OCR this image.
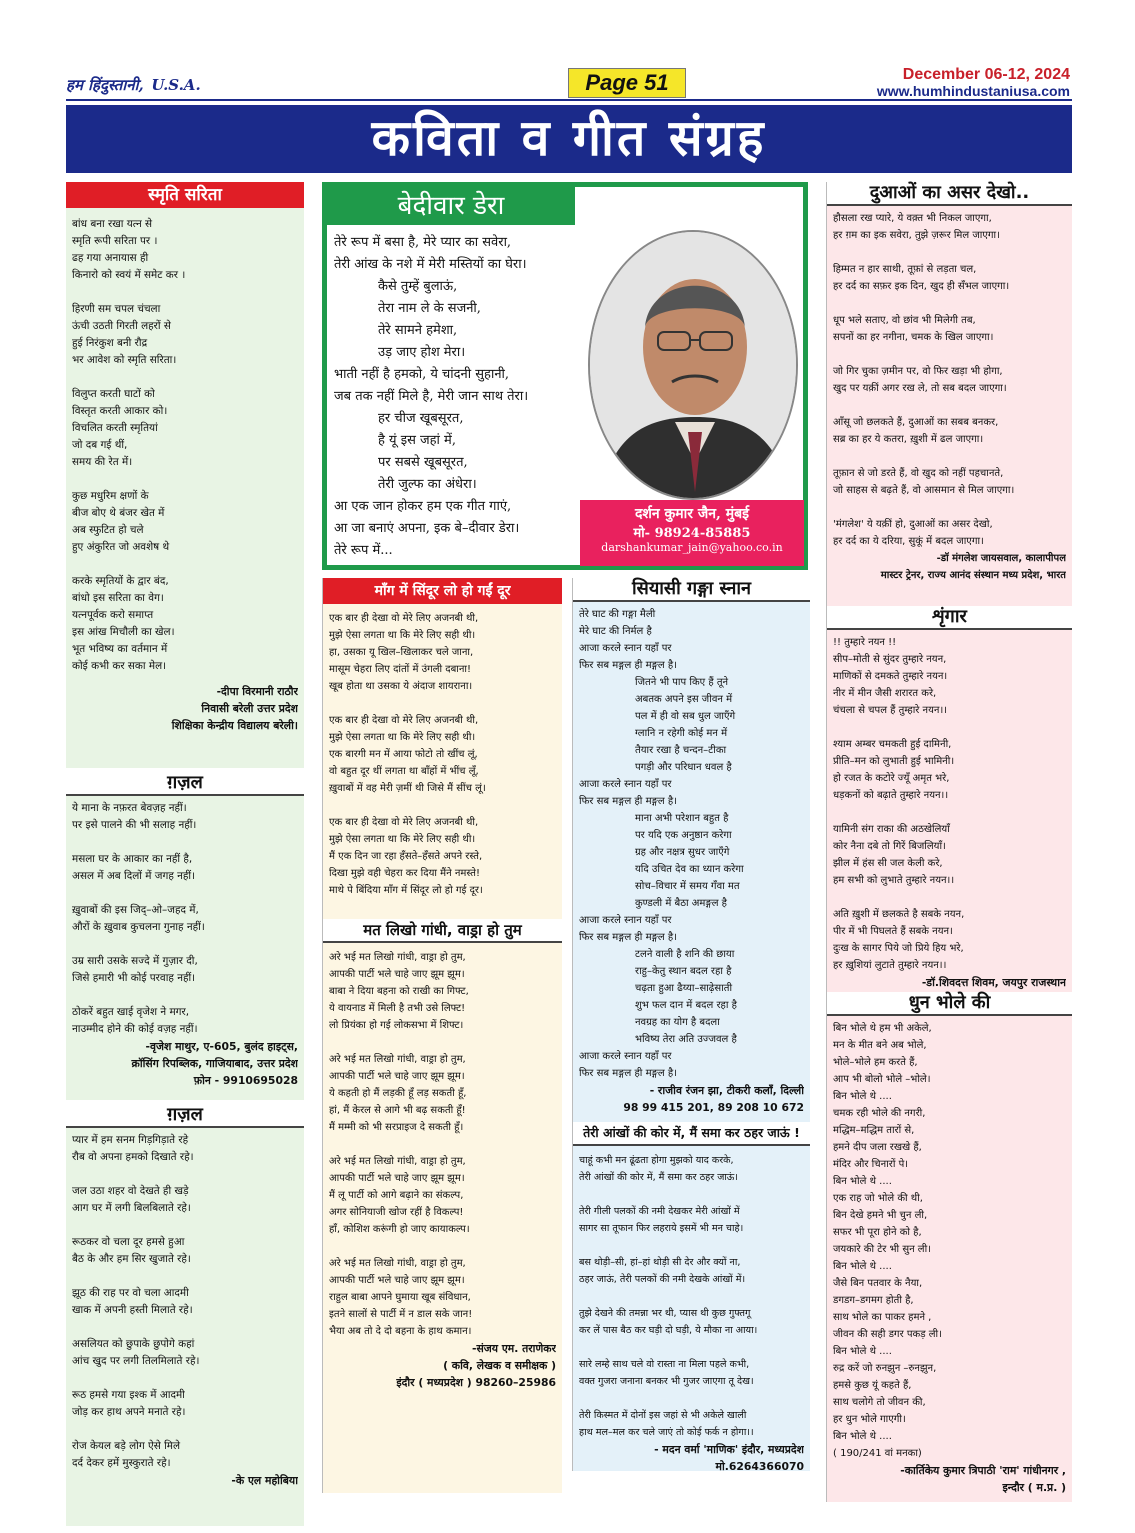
हम हिंदुस्तानी, U.S.A.	Page 51	December 06-12, 2024
www.humhindustaniusa.com
कविता व गीत संग्रह
स्मृति सरिता
बांध बना रखा यत्न से
स्मृति रूपी सरिता पर ।
ढह गया अनायास ही
किनारो को स्वयं में समेट कर ।

हिरणी सम चपल चंचला
ऊंची उठती गिरती लहरों से
हुई निरंकुश बनी रौद्र
भर आवेश को स्मृति सरिता।

विलुप्त करती घाटों को
विस्तृत करती आकार को।
विचलित करती स्मृतियां
जो दब गई थीं,
समय की रेत में।

कुछ मधुरिम क्षणों के
बीज बोए थे बंजर खेत में
अब स्फुटित हो चले
हुए अंकुरित जो अवशेष थे

करके स्मृतियों के द्वार बंद,
बांधो इस सरिता का वेग।
यत्नपूर्वक करो समाप्त
इस आंख मिचौली का खेल।
भूत भविष्य का वर्तमान में
कोई कभी कर सका मेल।
-दीपा विरमानी राठौर
निवासी बरेली उत्तर प्रदेश
शिक्षिका केन्द्रीय विद्यालय बरेली।
ग़ज़ल
ये माना के नफ़रत बेवज़ह नहीं।
पर इसे पालने की भी सलाह नहीं।

मसला घर के आकार का नहीं है,
असल में अब दिलों में जगह नहीं।

ख़ुवाबों की इस जिद्–ओ–जहद में,
औरों के ख़ुवाब कुचलना गुनाह नहीं।

उम्र सारी उसके सज्दे में गुज़ार दी,
जिसे हमारी भी कोई परवाह नहीं।

ठोकरें बहुत खाई वृजेश ने मगर,
नाउम्मीद होने की कोई वज़ह नहीं।
-वृजेश माथुर, ए-605, बुलंद हाइट्स,
क्रॉसिंग रिपब्लिक, गाजियाबाद, उत्तर प्रदेश
फ़ोन - 9910695028
ग़ज़ल
प्यार में हम सनम गिड़गिड़ाते रहे
रौब वो अपना हमको दिखाते रहे।

जल उठा शहर वो देखते ही खड़े
आग घर में लगी बिलबिलाते रहे।

रूठकर वो चला दूर हमसे हुआ
बैठ के और हम सिर खुजाते रहे।

झूठ की राह पर वो चला आदमी
खाक में अपनी हस्ती मिलाते रहे।

असलियत को छुपाके छुपोगे कहां
आंच खुद पर लगी तिलमिलाते रहे।

रूठ हमसे गया इश्क में आदमी
जोड़ कर हाथ अपने मनाते रहे।

रोज केयल बड़े लोग ऐसे मिले
दर्द देकर हमें मुस्कुराते रहे।
-के एल महोबिया
बेदीवार डेरा
तेरे रूप में बसा है, मेरे प्यार का सवेरा,
तेरी आंख के नशे में मेरी मस्तियों का घेरा।
कैसे तुम्हें बुलाऊं,
तेरा नाम ले के सजनी,
तेरे सामने हमेशा,
उड़ जाए होश मेरा।
भाती नहीं है हमको, ये चांदनी सुहानी,
जब तक नहीं मिले है, मेरी जान साथ तेरा।
हर चीज खूबसूरत,
है यूं इस जहां में,
पर सबसे खूबसूरत,
तेरी जुल्फ का अंधेरा।
आ एक जान होकर हम एक गीत गाएं,
आ जा बनाएं अपना, इक बे–दीवार डेरा।
तेरे रूप में...
दर्शन कुमार जैन, मुंबई
मो- 98924-85885
darshankumar_jain@yahoo.co.in
माँग में सिंदूर लो हो गईं दूर
एक बार ही देखा वो मेरे लिए अजनबी थी,
मुझे ऐसा लगता था कि मेरे लिए सही थी।
हा, उसका यू खिल–खिलाकर चले जाना,
मासूम चेहरा लिए दांतों में उंगली दबाना!
खूब होता था उसका ये अंदाज शायराना।

एक बार ही देखा वो मेरे लिए अजनबी थी,
मुझे ऐसा लगता था कि मेरे लिए सही थी।
एक बारगी मन में आया फोटो तो खींच लूं,
वो बहुत दूर थीं लगता था बाँहों में भींच लूँ,
ख़ुवाबों में वह मेरी ज़मीं थी जिसे मैं सींच लूं।

एक बार ही देखा वो मेरे लिए अजनबी थी,
मुझे ऐसा लगता था कि मेरे लिए सही थी।
मैं एक दिन जा रहा हँसते–हँसते अपने रस्ते,
दिखा मुझे वही चेहरा कर दिया मैंने नमस्ते!
माथे पे बिंदिया माँग में सिंदूर लो हो गई दूर।
मत लिखो गांधी, वाड्रा हो तुम
अरे भई मत लिखो गांधी, वाड्रा हो तुम,
आपकी पार्टी भले चाहे जाए झूम झूम।
बाबा ने दिया बहना को राखी का गिफ्ट,
ये वायनाड में मिली है तभी उसे लिफ्ट!
लो प्रियंका हो गई लोकसभा में शिफ्ट।

अरे भई मत लिखो गांधी, वाड्रा हो तुम,
आपकी पार्टी भले चाहे जाए झूम झूम।
ये कहती हो मैं लड़की हूँ लड़ सकती हूँ,
हां, मैं केरल से आगे भी बढ़ सकती हूँ!
मैं मम्मी को भी सरप्राइज दे सकती हूँ।

अरे भई मत लिखो गांधी, वाड्रा हो तुम,
आपकी पार्टी भले चाहे जाए झूम झूम।
मैं लू पार्टी को आगे बढ़ाने का संकल्प,
अगर सोनियाजी खोज रहीं है विकल्प!
हाँ, कोशिश करूंगी हो जाए कायाकल्प।

अरे भई मत लिखो गांधी, वाड्रा हो तुम,
आपकी पार्टी भले चाहे जाए झूम झूम।
राहुल बाबा आपने घुमाया खूब संविधान,
इतने सालों से पार्टी में न डाल सके जान!
भैया अब तो दे दो बहना के हाथ कमान।
-संजय एम. तराणेकर
( कवि, लेखक व समीक्षक )
इंदौर ( मध्यप्रदेश ) 98260–25986
सियासी गङ्गा स्नान
तेरे घाट की गङ्गा मैली
मेरे घाट की निर्मल है
आजा करले स्नान यहाँ पर
फिर सब मङ्गल ही मङ्गल है।
जितने भी पाप किए हैं तूने
अबतक अपने इस जीवन में
पल में ही वो सब धुल जाएँगे
ग्लानि न रहेगी कोई मन में
तैयार रखा है चन्दन–टीका
पगड़ी और परिधान धवल है
आजा करले स्नान यहाँ पर
फिर सब मङ्गल ही मङ्गल है।
माना अभी परेशान बहुत है
पर यदि एक अनुष्ठान करेगा
ग्रह और नक्षत्र सुधर जाएँगे
यदि उचित देव का ध्यान करेगा
सोच–विचार में समय गँवा मत
कुण्डली में बैठा अमङ्गल है
आजा करले स्नान यहाँ पर
फिर सब मङ्गल ही मङ्गल है।
टलने वाली है शनि की छाया
राहु–केतु स्थान बदल रहा है
चढ़ता हुआ ढैय्या–साढ़ेसाती
शुभ फल दान में बदल रहा है
नवग्रह का योग है बदला
भविष्य तेरा अति उज्जवल है
आजा करले स्नान यहाँ पर
फिर सब मङ्गल ही मङ्गल है।
- राजीव रंजन झा, टीकरी कलाँ, दिल्ली
98 99 415 201, 89 208 10 672
तेरी आंखों की कोर में, मैं समा कर ठहर जाऊं !
चाहूं कभी मन ढूंढता होगा मुझको याद करके,
तेरी आंखों की कोर में, मैं समा कर ठहर जाऊं।

तेरी गीली पलकों की नमी देखकर मेरी आंखों में
सागर सा तूफान फिर लहराये इसमें भी मन चाहे।

बस थोड़ी–सी, हां–हां थोड़ी सी देर और क्यों ना,
ठहर जाऊं, तेरी पलकों की नमी देखके आंखों में।

तुझे देखने की तमन्ना भर थी, प्यास थी कुछ गुफ्तगू
कर लें पास बैठ कर घड़ी दो घड़ी, ये मौका ना आया।

सारे लम्हे साथ चले वो रास्ता ना मिला पहले कभी,
वक्त गुजरा जनाना बनकर भी गुजर जाएगा तू देख।

तेरी किस्मत में दोनों इस जहां से भी अकेले खाली
हाथ मल–मल कर चले जाएं तो कोई फर्क न होगा।।
- मदन वर्मा 'माणिक' इंदौर, मध्यप्रदेश
मो.6264366070
दुआओं का असर देखो..
हौसला रख प्यारे, ये वक़्त भी निकल जाएगा,
हर ग़म का इक सवेरा, तुझे ज़रूर मिल जाएगा।

हिम्मत न हार साथी, तूफ़ां से लड़ता चल,
हर दर्द का सफ़र इक दिन, खुद ही सँभल जाएगा।

धूप भले सताए, वो छांव भी मिलेगी तब,
सपनों का हर नगीना, चमक के खिल जाएगा।

जो गिर चुका ज़मीन पर, वो फिर खड़ा भी होगा,
खुद पर यक़ीं अगर रख ले, तो सब बदल जाएगा।

आँसू जो छलकते हैं, दुआओं का सबब बनकर,
सब्र का हर ये कतरा, ख़ुशी में ढल जाएगा।

तूफ़ान से जो डरते हैं, वो खुद को नहीं पहचानते,
जो साहस से बढ़ते हैं, वो आसमान से मिल जाएगा।

'मंगलेश' ये यक़ीं हो, दुआओं का असर देखो,
हर दर्द का ये दरिया, सुकूं में बदल जाएगा।
-डॉ मंगलेश जायसवाल, कालापीपल
मास्टर ट्रेनर, राज्य आनंद संस्थान मध्य प्रदेश, भारत
शृंगार
!! तुम्हारे नयन !!
सीप–मोती से सुंदर तुम्हारे नयन,
माणिकों से दमकते तुम्हारे नयन।
नीर में मीन जैसी शरारत करे,
चंचला से चपल हैं तुम्हारे नयन।।

श्याम अम्बर चमकती हुई दामिनी,
प्रीति–मन को लुभाती हुई भामिनी।
हो रजत के कटोरे ज्यूँ अमृत भरे,
धड़कनों को बढ़ाते तुम्हारे नयन।।

यामिनी संग राका की अठखेलियाँ
कोर नैना दबे तो गिरें बिजलियाँ।
झील में हंस सी जल केली करे,
हम सभी को लुभाते तुम्हारे नयन।।

अति ख़ुशी में छलकते है सबके नयन,
पीर में भी पिघलते हैं सबके नयन।
दुःख के सागर पिये जो प्रिये हिय भरे,
हर ख़ुशियां लुटाते तुम्हारे नयन।।
-डॉ.शिवदत्त शिवम, जयपुर राजस्थान
धुन भोले की
बिन भोले थे हम भी अकेले,
मन के मीत बने अब भोले,
भोले–भोले हम करते हैं,
आप भी बोलो भोले –भोले।
बिन भोले थे ....
चमक रही भोले की नगरी,
मद्धिम–मद्धिम तारों से,
हमने दीप जला रखखे हैं,
मंदिर और चिनारों पे।
बिन भोले थे ....
एक राह जो भोले की थी,
बिन देखे हमने भी चुन ली,
सफर भी पूरा होने को है,
जयकारे की टेर भी सुन ली।
बिन भोले थे ....
जैसे बिन पतवार के नैया,
डगडग–डगमग होती है,
साथ भोले का पाकर हमने ,
जीवन की सही डगर पकड़ ली।
बिन भोले थे ....
रुद्र करें जो रुनझुन –रुनझुन,
हमसे कुछ यूं कहते हैं,
साथ चलोगे तो जीवन की,
हर धुन भोले गाएगी।
बिन भोले थे ....
( 190/241 वां मनका)
-कार्तिकेय कुमार त्रिपाठी 'राम' गांधीनगर ,
इन्दौर ( म.प्र. )
